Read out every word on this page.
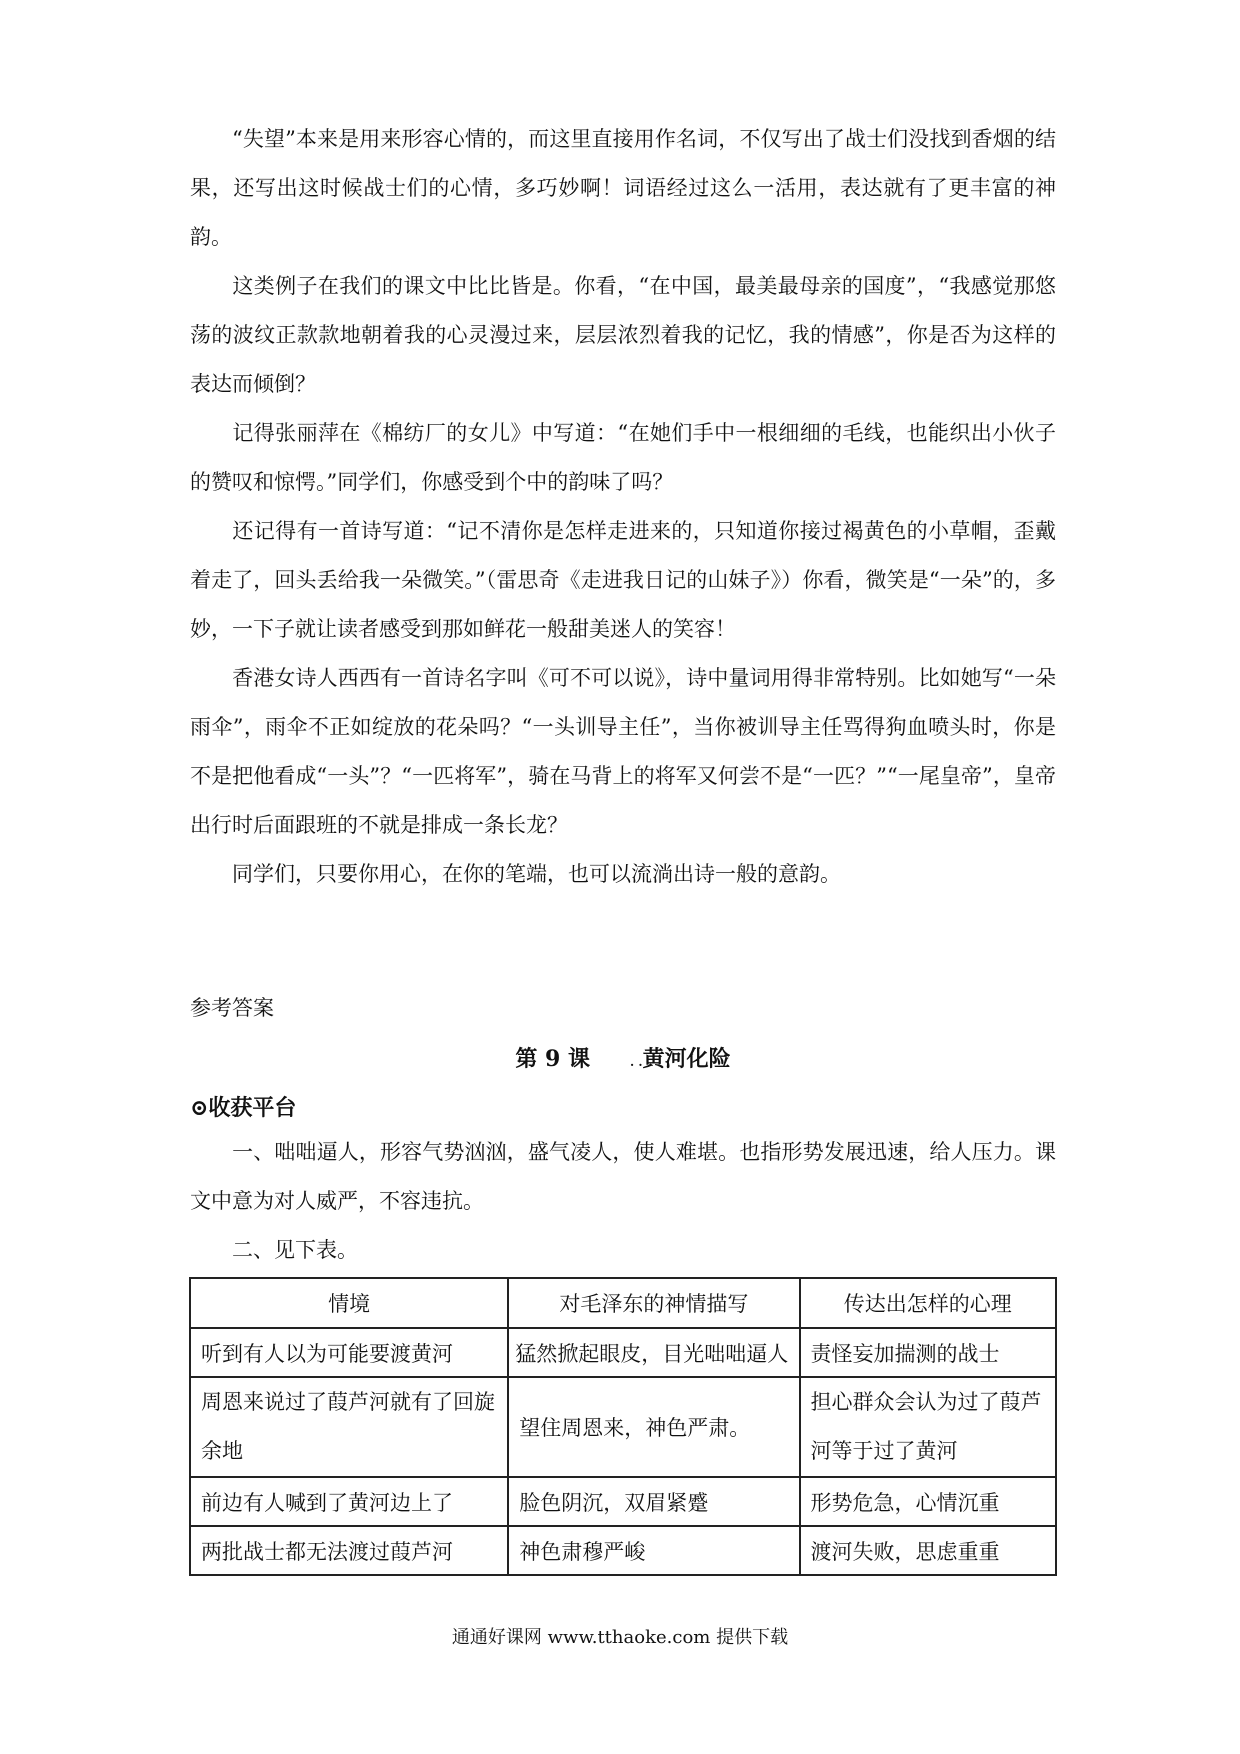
“失望”本来是用来形容心情的，而这里直接用作名词，不仅写出了战士们没找到香烟的结果，还写出这时候战士们的心情，多巧妙啊！词语经过这么一活用，表达就有了更丰富的神韵。

这类例子在我们的课文中比比皆是。你看，“在中国，最美最母亲的国度”，“我感觉那悠荡的波纹正款款地朝着我的心灵漫过来，层层浓烈着我的记忆，我的情感”，你是否为这样的表达而倾倒？

记得张丽萍在《棉纺厂的女儿》中写道：“在她们手中一根细细的毛线，也能织出小伙子的赞叹和惊愕。”同学们，你感受到个中的韵味了吗？

还记得有一首诗写道：“记不清你是怎样走进来的，只知道你接过褐黄色的小草帽，歪戴着走了，回头丢给我一朵微笑。”（雷思奇《走进我日记的山妹子》）你看，微笑是“一朵”的，多妙，一下子就让读者感受到那如鲜花一般甜美迷人的笑容！

香港女诗人西西有一首诗名字叫《可不可以说》，诗中量词用得非常特别。比如她写“一朵雨伞”，雨伞不正如绽放的花朵吗？“一头训导主任”，当你被训导主任骂得狗血喷头时，你是不是把他看成“一头”？“一匹将军”，骑在马背上的将军又何尝不是“一匹？”“一尾皇帝”，皇帝出行时后面跟班的不就是排成一条长龙？

同学们，只要你用心，在你的笔端，也可以流淌出诗一般的意韵。

参考答案

第 9 课	. .黄河化险

⊙收获平台

一、咄咄逼人，形容气势汹汹，盛气凌人，使人难堪。也指形势发展迅速，给人压力。课文中意为对人威严，不容违抗。

二、见下表。

情境	对毛泽东的神情描写	传达出怎样的心理
听到有人以为可能要渡黄河	猛然掀起眼皮，目光咄咄逼人	责怪妄加揣测的战士
周恩来说过了葭芦河就有了回旋余地	望住周恩来，神色严肃。	担心群众会认为过了葭芦河等于过了黄河
前边有人喊到了黄河边上了	脸色阴沉，双眉紧蹙	形势危急，心情沉重
两批战士都无法渡过葭芦河	神色肃穆严峻	渡河失败，思虑重重
通通好课网 www.tthaoke.com 提供下载
